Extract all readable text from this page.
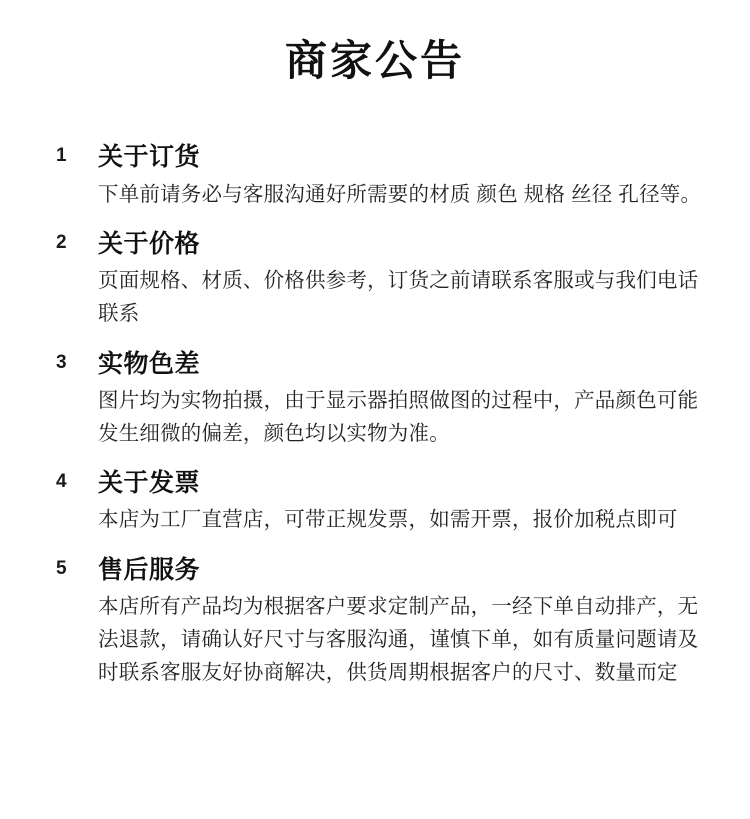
商家公告
1	关于订货
下单前请务必与客服沟通好所需要的材质 颜色 规格 丝径 孔径等。
2	关于价格
页面规格、材质、价格供参考，订货之前请联系客服或与我们电话联系
3	实物色差
图片均为实物拍摄，由于显示器拍照做图的过程中，产品颜色可能发生细微的偏差，颜色均以实物为准。
4	关于发票
本店为工厂直营店，可带正规发票，如需开票，报价加税点即可
5	售后服务
本店所有产品均为根据客户要求定制产品，一经下单自动排产，无法退款，请确认好尺寸与客服沟通，谨慎下单，如有质量问题请及时联系客服友好协商解决，供货周期根据客户的尺寸、数量而定
